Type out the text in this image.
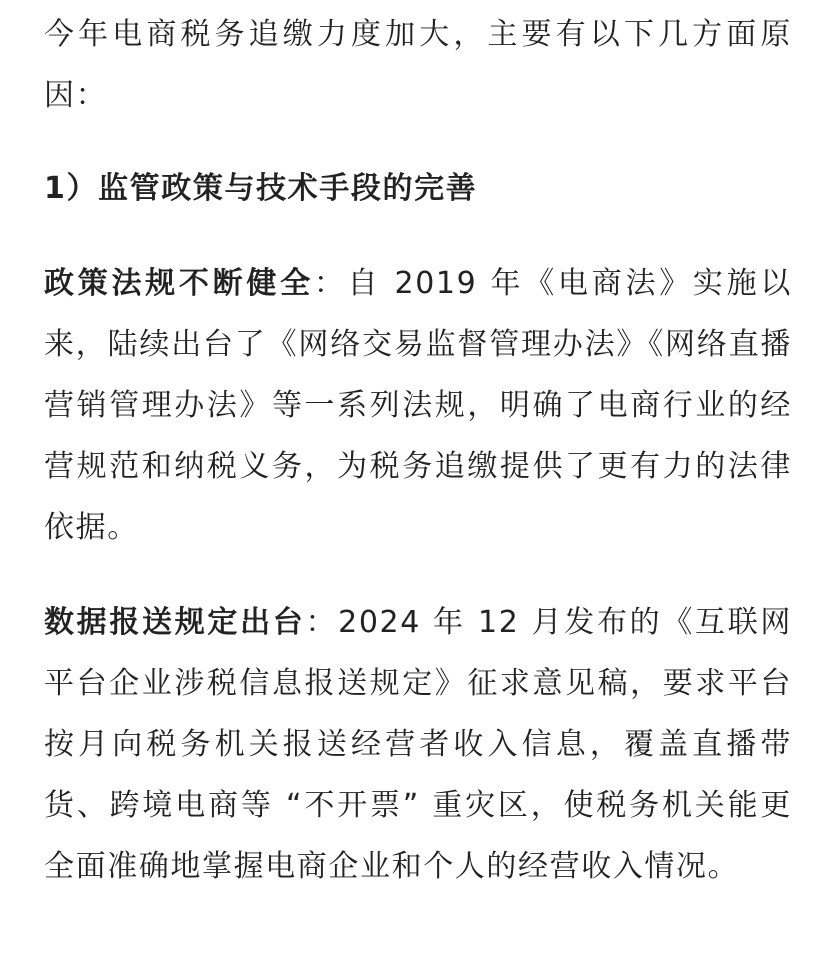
今年电商税务追缴力度加大，主要有以下几方面原因：

1）监管政策与技术手段的完善

政策法规不断健全：自 2019 年《电商法》实施以来，陆续出台了《网络交易监督管理办法》《网络直播营销管理办法》等一系列法规，明确了电商行业的经营规范和纳税义务，为税务追缴提供了更有力的法律依据。

数据报送规定出台：2024 年 12 月发布的《互联网平台企业涉税信息报送规定》征求意见稿，要求平台按月向税务机关报送经营者收入信息，覆盖直播带货、跨境电商等 “不开票” 重灾区，使税务机关能更全面准确地掌握电商企业和个人的经营收入情况。
